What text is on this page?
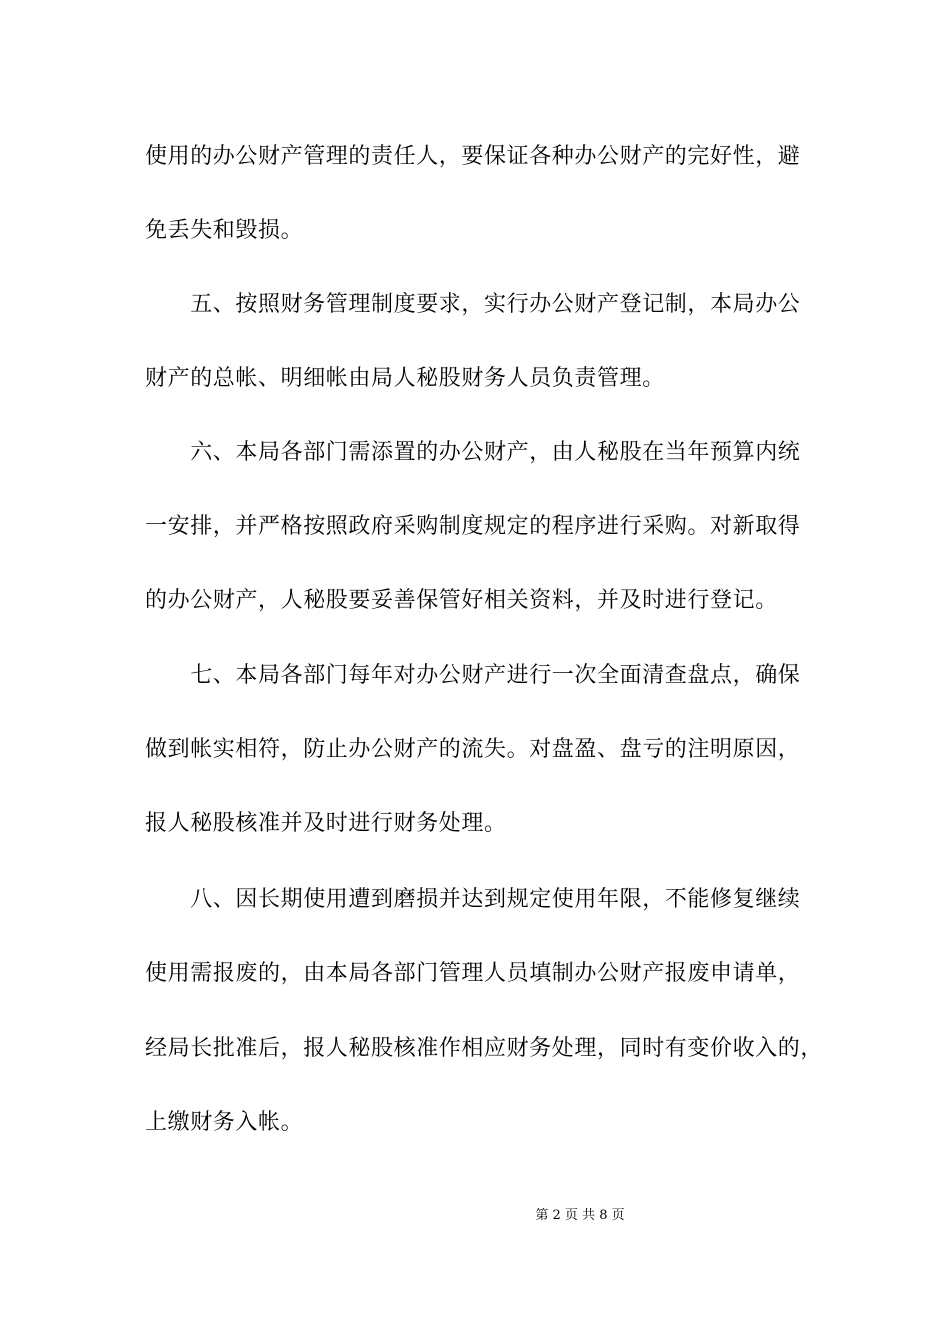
使用的办公财产管理的责任人，要保证各种办公财产的完好性，避
免丢失和毁损。
　　五、按照财务管理制度要求，实行办公财产登记制，本局办公
财产的总帐、明细帐由局人秘股财务人员负责管理。
　　六、本局各部门需添置的办公财产，由人秘股在当年预算内统
一安排，并严格按照政府采购制度规定的程序进行采购。对新取得
的办公财产，人秘股要妥善保管好相关资料，并及时进行登记。
　　七、本局各部门每年对办公财产进行一次全面清查盘点，确保
做到帐实相符，防止办公财产的流失。对盘盈、盘亏的注明原因，
报人秘股核准并及时进行财务处理。
　　八、因长期使用遭到磨损并达到规定使用年限，不能修复继续
使用需报废的，由本局各部门管理人员填制办公财产报废申请单，
经局长批准后，报人秘股核准作相应财务处理，同时有变价收入的，
上缴财务入帐。
第 2 页 共 8 页
